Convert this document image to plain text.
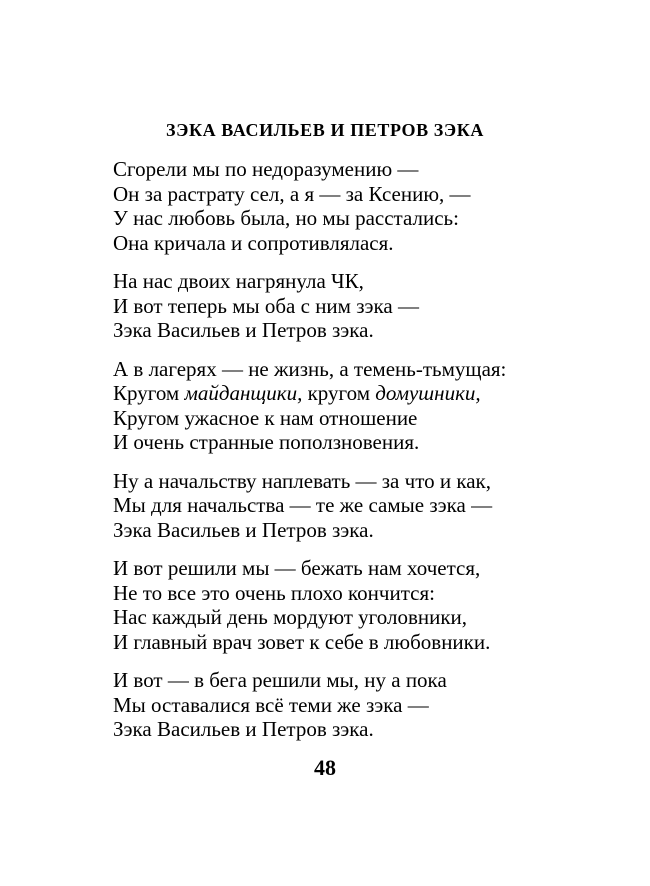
ЗЭКА ВАСИЛЬЕВ И ПЕТРОВ ЗЭКА
Сгорели мы по недоразумению —
Он за растрату сел, а я — за Ксению, —
У нас любовь была, но мы расстались:
Она кричала и сопротивлялася.
На нас двоих нагрянула ЧК,
И вот теперь мы оба с ним зэка —
Зэка Васильев и Петров зэка.
А в лагерях — не жизнь, а темень-тьмущая:
Кругом майданщики, кругом домушники,
Кругом ужасное к нам отношение
И очень странные поползновения.
Ну а начальству наплевать — за что и как,
Мы для начальства — те же самые зэка —
Зэка Васильев и Петров зэка.
И вот решили мы — бежать нам хочется,
Не то все это очень плохо кончится:
Нас каждый день мордуют уголовники,
И главный врач зовет к себе в любовники.
И вот — в бега решили мы, ну а пока
Мы оставалися всё теми же зэка —
Зэка Васильев и Петров зэка.
48
